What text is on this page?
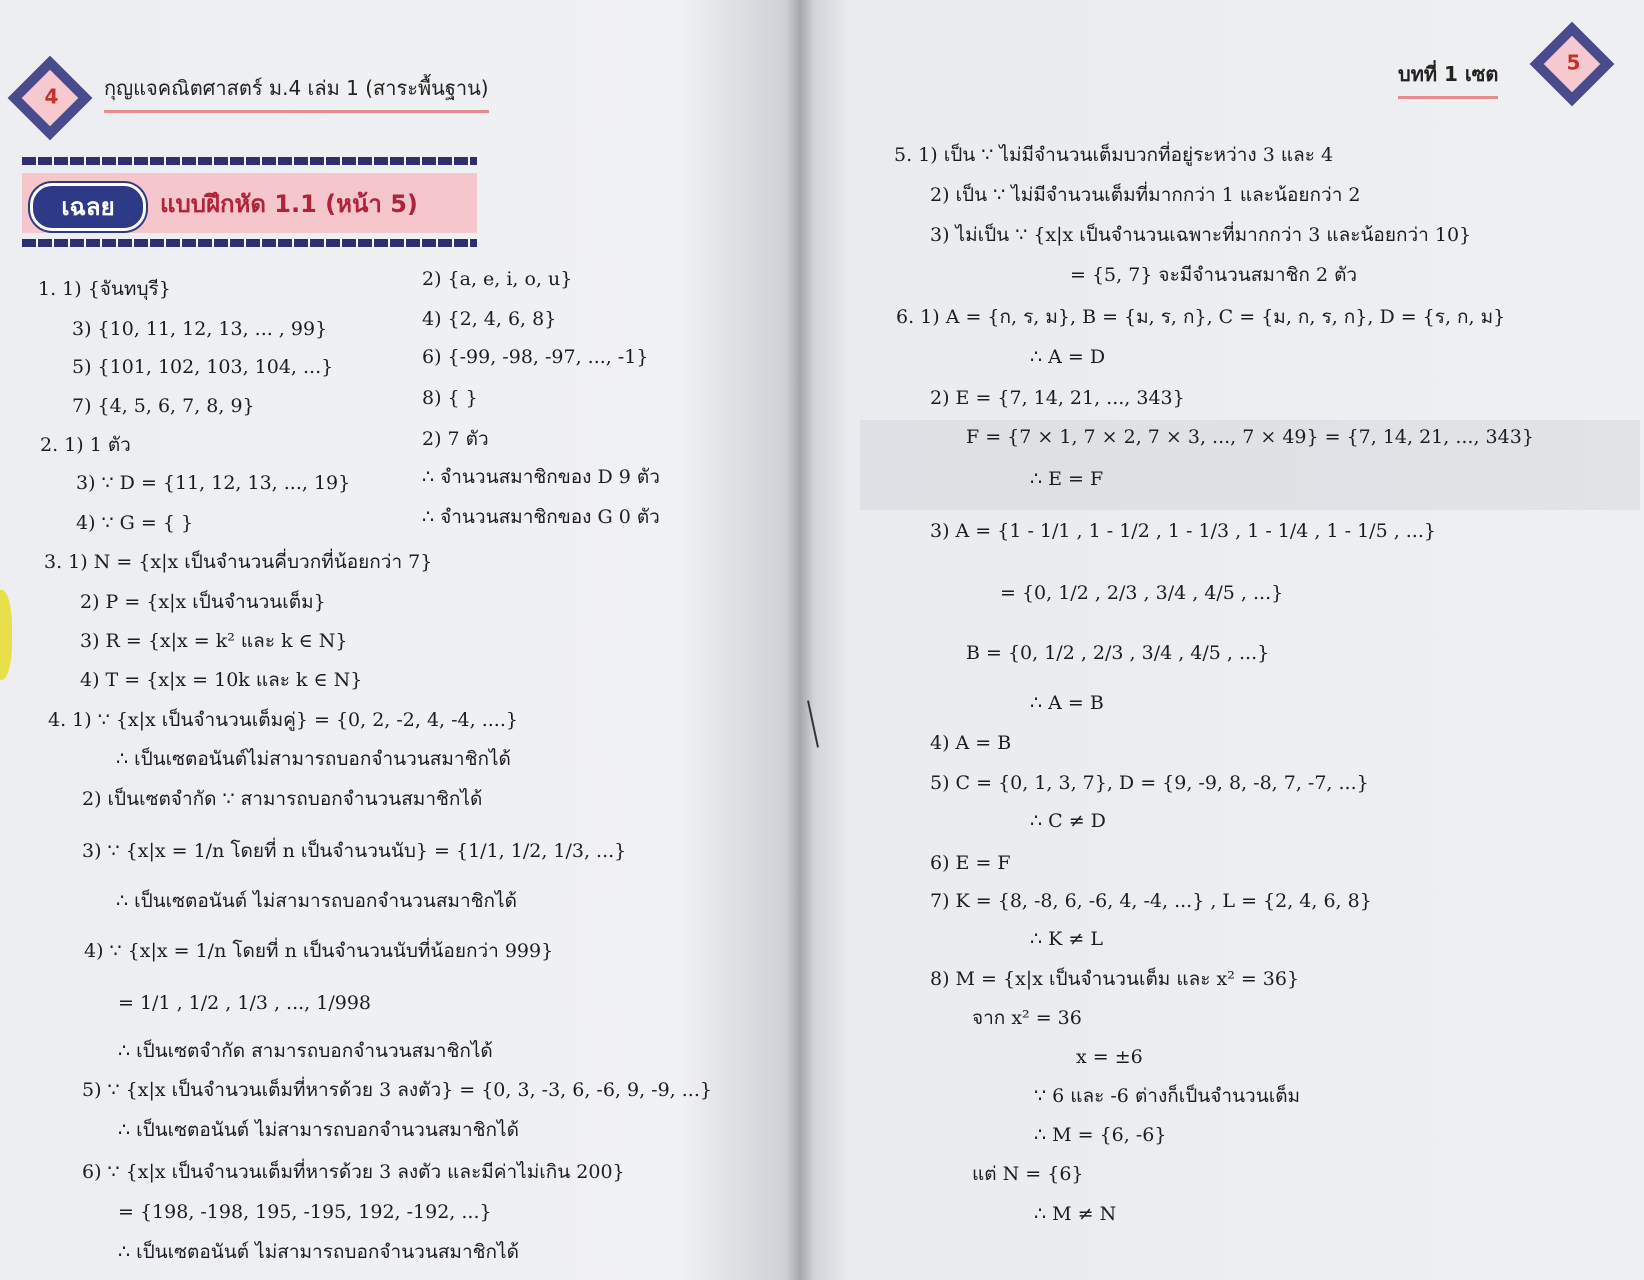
4	กุญแจคณิตศาสตร์ ม.4 เล่ม 1 (สาระพื้นฐาน)
เฉลย	แบบฝึกหัด 1.1 (หน้า 5)
1. 1) {จันทบุรี}	2) {a, e, i, o, u}
3) {10, 11, 12, 13, ... , 99}	4) {2, 4, 6, 8}
5) {101, 102, 103, 104, ...}	6) {-99, -98, -97, ..., -1}
7) {4, 5, 6, 7, 8, 9}	8) { }
2. 1) 1 ตัว	2) 7 ตัว
3) ∵ D = {11, 12, 13, ..., 19}	∴ จำนวนสมาชิกของ D 9 ตัว
4) ∵ G = { }	∴ จำนวนสมาชิกของ G 0 ตัว
3. 1) N = {x|x เป็นจำนวนคี่บวกที่น้อยกว่า 7}
2) P = {x|x เป็นจำนวนเต็ม}
3) R = {x|x = k² และ k ∈ N}
4) T = {x|x = 10k และ k ∈ N}
4. 1) ∵ {x|x เป็นจำนวนเต็มคู่} = {0, 2, -2, 4, -4, ....}
∴ เป็นเซตอนันต์ไม่สามารถบอกจำนวนสมาชิกได้
2) เป็นเซตจำกัด ∵ สามารถบอกจำนวนสมาชิกได้
3) ∵ {x|x = 1/n โดยที่ n เป็นจำนวนนับ} = {1/1, 1/2, 1/3, ...}
∴ เป็นเซตอนันต์ ไม่สามารถบอกจำนวนสมาชิกได้
4) ∵ {x|x = 1/n โดยที่ n เป็นจำนวนนับที่น้อยกว่า 999}
= 1/1 , 1/2 , 1/3 , ..., 1/998
∴ เป็นเซตจำกัด สามารถบอกจำนวนสมาชิกได้
5) ∵ {x|x เป็นจำนวนเต็มที่หารด้วย 3 ลงตัว} = {0, 3, -3, 6, -6, 9, -9, ...}
∴ เป็นเซตอนันต์ ไม่สามารถบอกจำนวนสมาชิกได้
6) ∵ {x|x เป็นจำนวนเต็มที่หารด้วย 3 ลงตัว และมีค่าไม่เกิน 200}
= {198, -198, 195, -195, 192, -192, ...}
∴ เป็นเซตอนันต์ ไม่สามารถบอกจำนวนสมาชิกได้
บทที่ 1 เซต	5
5. 1) เป็น ∵ ไม่มีจำนวนเต็มบวกที่อยู่ระหว่าง 3 และ 4
2) เป็น ∵ ไม่มีจำนวนเต็มที่มากกว่า 1 และน้อยกว่า 2
3) ไม่เป็น ∵ {x|x เป็นจำนวนเฉพาะที่มากกว่า 3 และน้อยกว่า 10}
= {5, 7} จะมีจำนวนสมาชิก 2 ตัว
6. 1) A = {ก, ร, ม}, B = {ม, ร, ก}, C = {ม, ก, ร, ก}, D = {ร, ก, ม}
∴ A = D
2) E = {7, 14, 21, ..., 343}
F = {7 × 1, 7 × 2, 7 × 3, ..., 7 × 49} = {7, 14, 21, ..., 343}
∴ E = F
3) A = {1 - 1/1 , 1 - 1/2 , 1 - 1/3 , 1 - 1/4 , 1 - 1/5 , ...}
= {0, 1/2 , 2/3 , 3/4 , 4/5 , ...}
B = {0, 1/2 , 2/3 , 3/4 , 4/5 , ...}
∴ A = B
4) A = B
5) C = {0, 1, 3, 7}, D = {9, -9, 8, -8, 7, -7, ...}
∴ C ≠ D
6) E = F
7) K = {8, -8, 6, -6, 4, -4, ...} , L = {2, 4, 6, 8}
∴ K ≠ L
8) M = {x|x เป็นจำนวนเต็ม และ x² = 36}
จาก x² = 36
x = ±6
∵ 6 และ -6 ต่างก็เป็นจำนวนเต็ม
∴ M = {6, -6}
แต่ N = {6}
∴ M ≠ N
